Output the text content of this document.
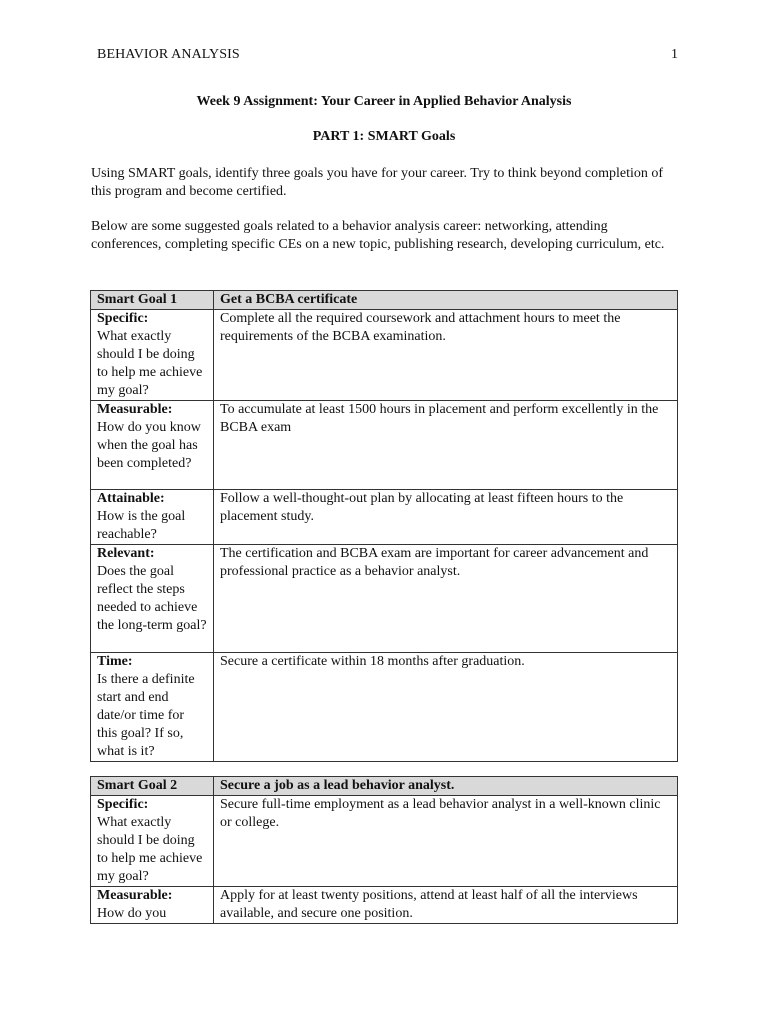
BEHAVIOR ANALYSIS	1
Week 9 Assignment: Your Career in Applied Behavior Analysis
PART 1: SMART Goals
Using SMART goals, identify three goals you have for your career. Try to think beyond completion of this program and become certified.
Below are some suggested goals related to a behavior analysis career: networking, attending conferences, completing specific CEs on a new topic, publishing research, developing curriculum, etc.
Smart Goal 1	Get a BCBA certificate

Specific:
What exactly should I be doing to help me achieve my goal?	Complete all the required coursework and attachment hours to meet the requirements of the BCBA examination.

Measurable:
How do you know when the goal has been completed?	To accumulate at least 1500 hours in placement and perform excellently in the BCBA exam

Attainable:
How is the goal reachable?	Follow a well-thought-out plan by allocating at least fifteen hours to the placement study.

Relevant:
Does the goal reflect the steps needed to achieve the long-term goal?	The certification and BCBA exam are important for career advancement and professional practice as a behavior analyst.

Time:
Is there a definite start and end date/or time for this goal? If so, what is it?	Secure a certificate within 18 months after graduation.
Smart Goal 2	Secure a job as a lead behavior analyst.

Specific:
What exactly should I be doing to help me achieve my goal?	Secure full-time employment as a lead behavior analyst in a well-known clinic or college.

Measurable:
How do you	Apply for at least twenty positions, attend at least half of all the interviews available, and secure one position.
